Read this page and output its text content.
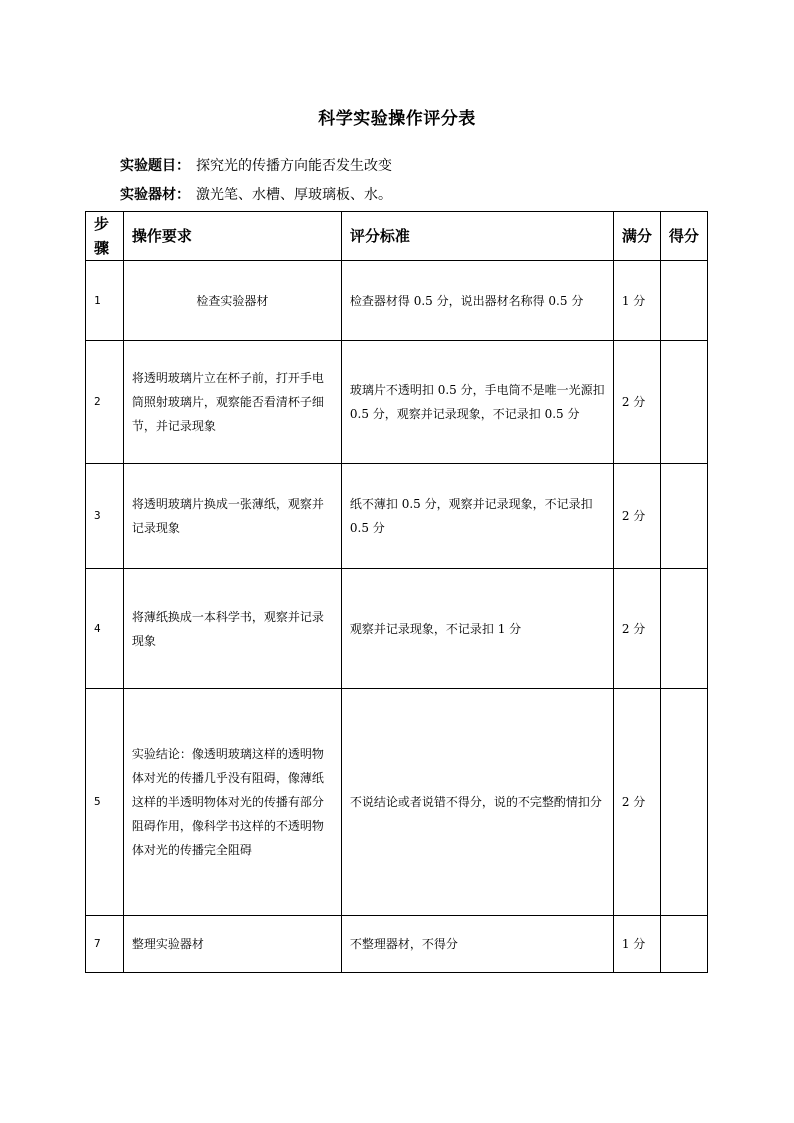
科学实验操作评分表
实验题目： 探究光的传播方向能否发生改变
实验器材： 激光笔、水槽、厚玻璃板、水。
步骤	操作要求	评分标准	满分	得分
1	检查实验器材	检查器材得 0.5 分，说出器材名称得 0.5 分	1 分	
2	将透明玻璃片立在杯子前，打开手电筒照射玻璃片，观察能否看清杯子细节，并记录现象	玻璃片不透明扣 0.5 分，手电筒不是唯一光源扣 0.5 分，观察并记录现象，不记录扣 0.5 分	2 分	
3	将透明玻璃片换成一张薄纸，观察并记录现象	纸不薄扣 0.5 分，观察并记录现象，不记录扣 0.5 分	2 分	
4	将薄纸换成一本科学书，观察并记录现象	观察并记录现象，不记录扣 1 分	2 分	
5	实验结论：像透明玻璃这样的透明物体对光的传播几乎没有阻碍，像薄纸这样的半透明物体对光的传播有部分阻碍作用，像科学书这样的不透明物体对光的传播完全阻碍	不说结论或者说错不得分，说的不完整酌情扣分	2 分	
7	整理实验器材	不整理器材，不得分	1 分	
